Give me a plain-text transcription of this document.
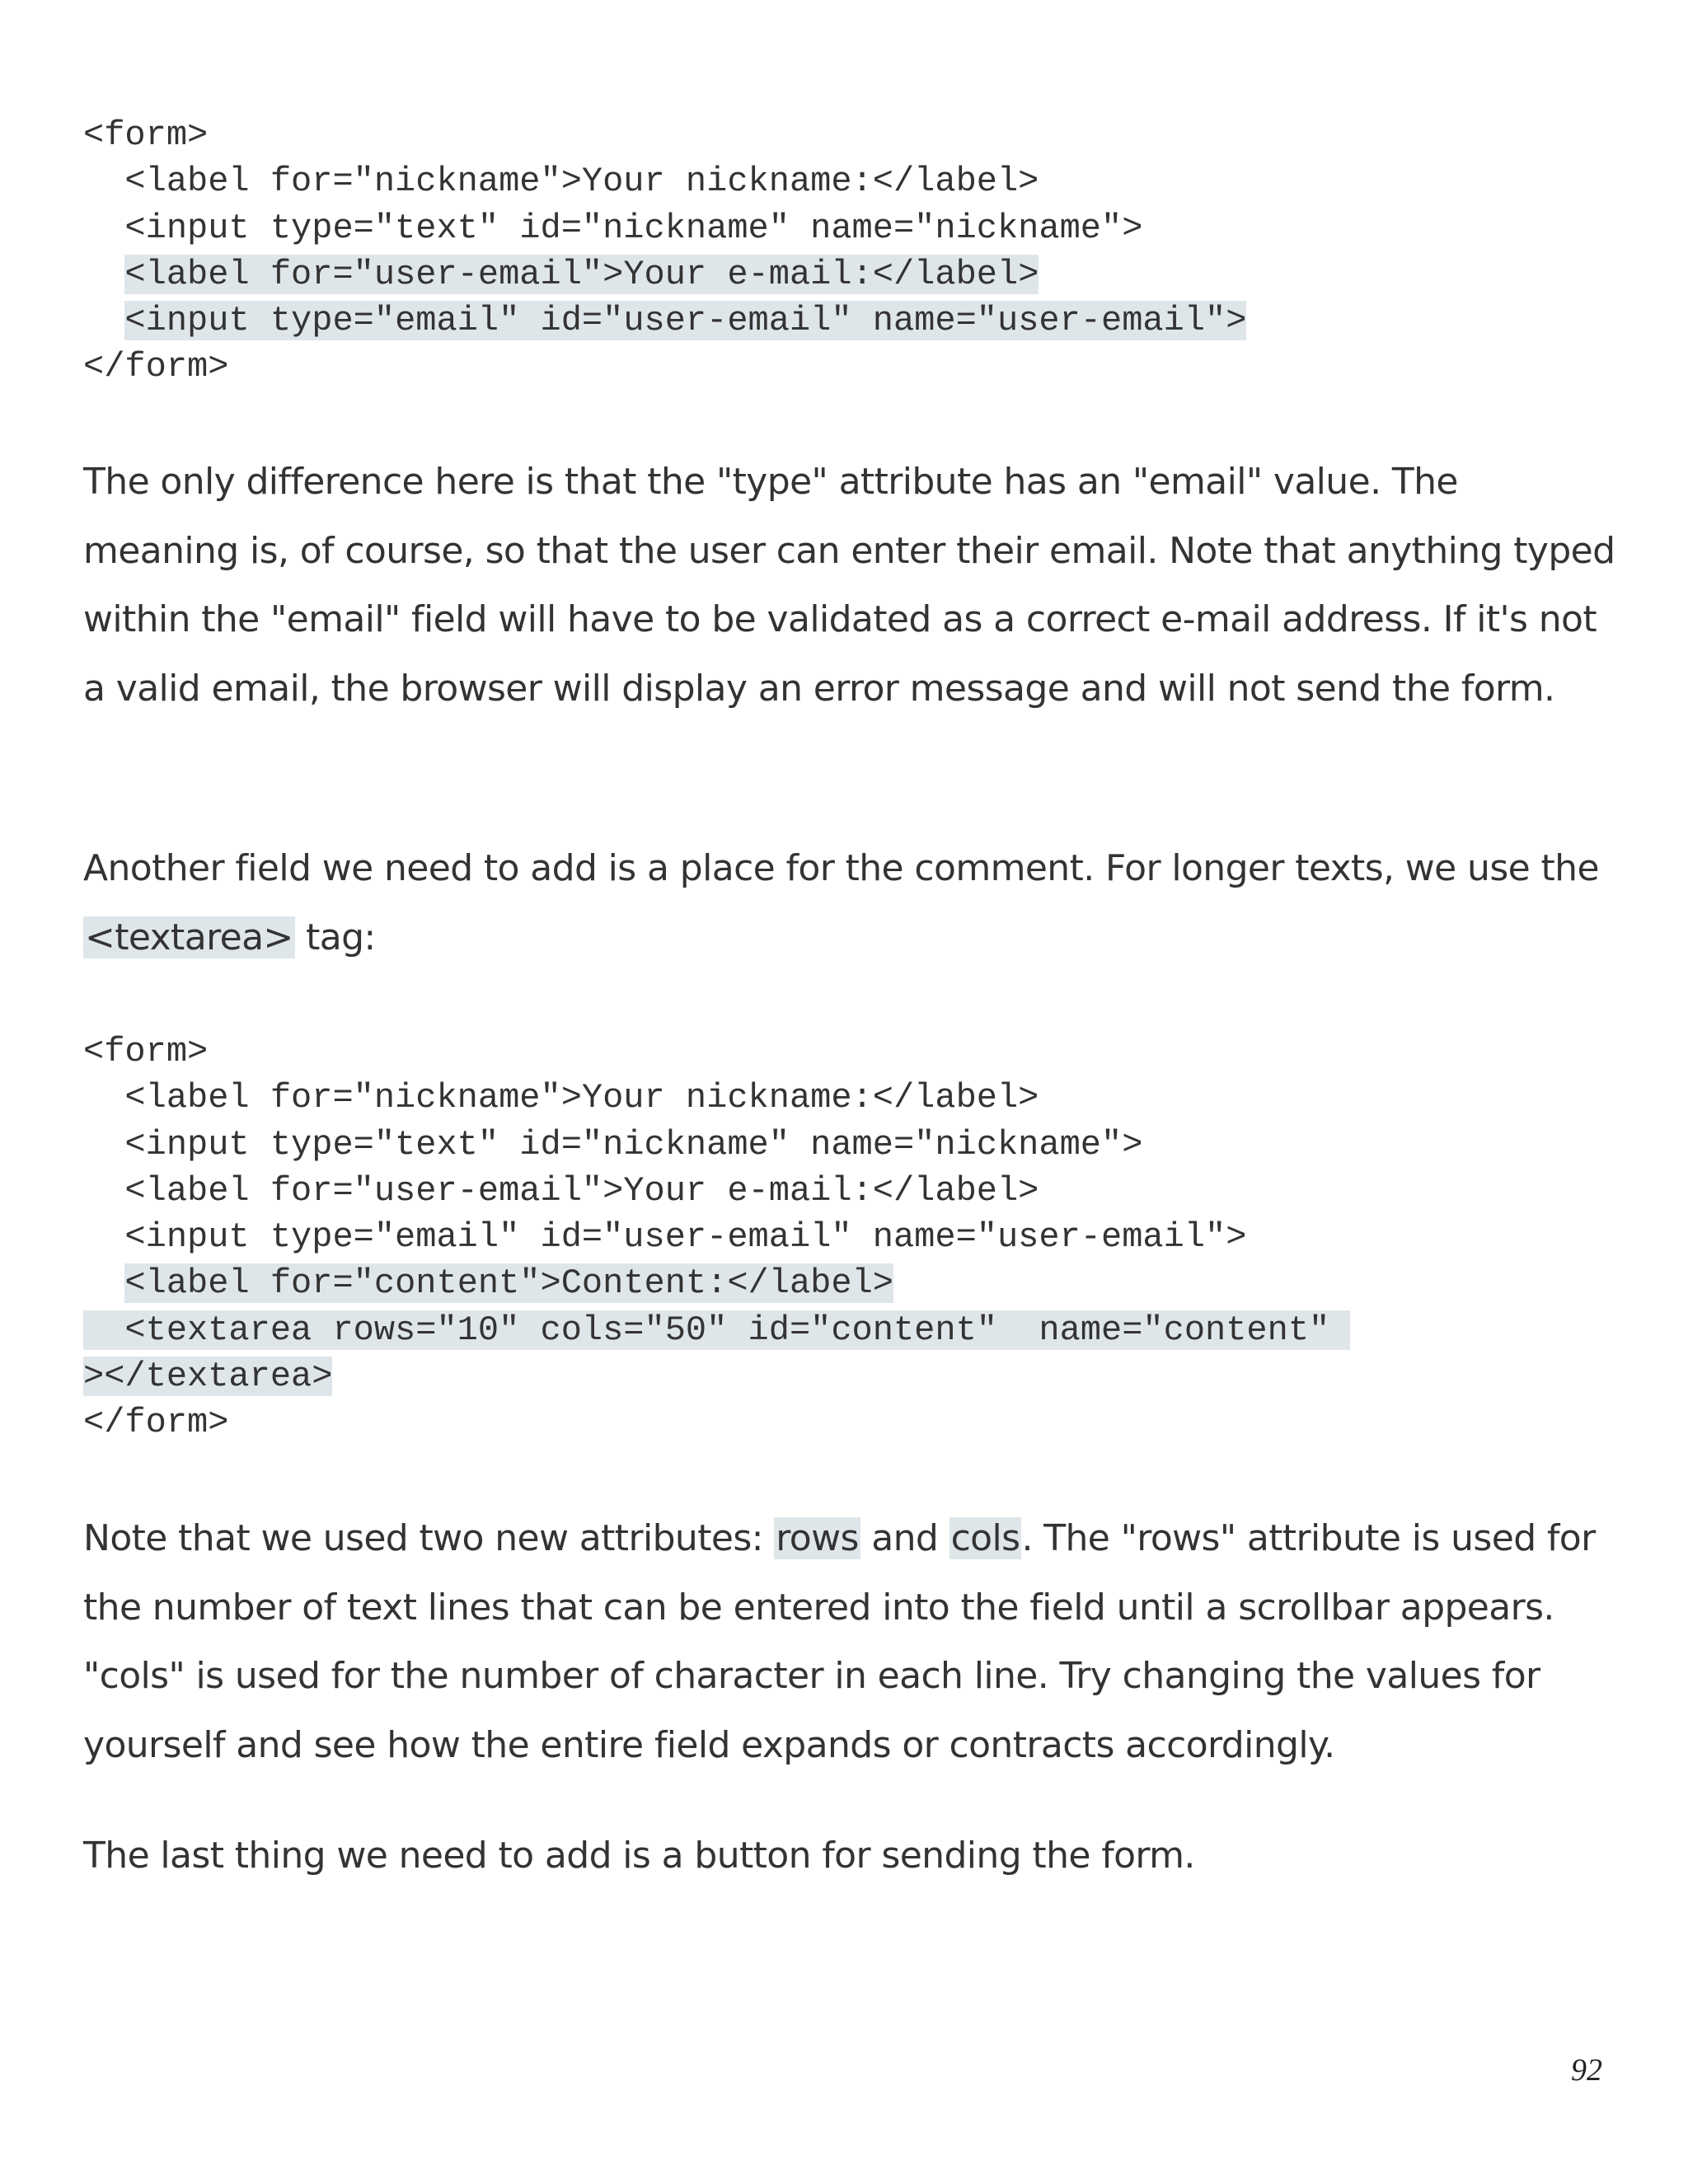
<form>
<label for="nickname">Your nickname:</label>
<input type="text" id="nickname" name="nickname">
<label for="user-email">Your e-mail:</label>
<input type="email" id="user-email" name="user-email">
</form>

The only difference here is that the "type" attribute has an "email" value. The meaning is, of course, so that the user can enter their email. Note that anything typed within the "email" field will have to be validated as a correct e-mail address. If it's not a valid email, the browser will display an error message and will not send the form.

Another field we need to add is a place for the comment. For longer texts, we use the <textarea> tag:

<form>
<label for="nickname">Your nickname:</label>
<input type="text" id="nickname" name="nickname">
<label for="user-email">Your e-mail:</label>
<input type="email" id="user-email" name="user-email">
<label for="content">Content:</label>
<textarea rows="10" cols="50" id="content"  name="content"
></textarea>
</form>

Note that we used two new attributes: rows and cols. The "rows" attribute is used for the number of text lines that can be entered into the field until a scrollbar appears. "cols" is used for the number of character in each line. Try changing the values for yourself and see how the entire field expands or contracts accordingly.

The last thing we need to add is a button for sending the form.

92
